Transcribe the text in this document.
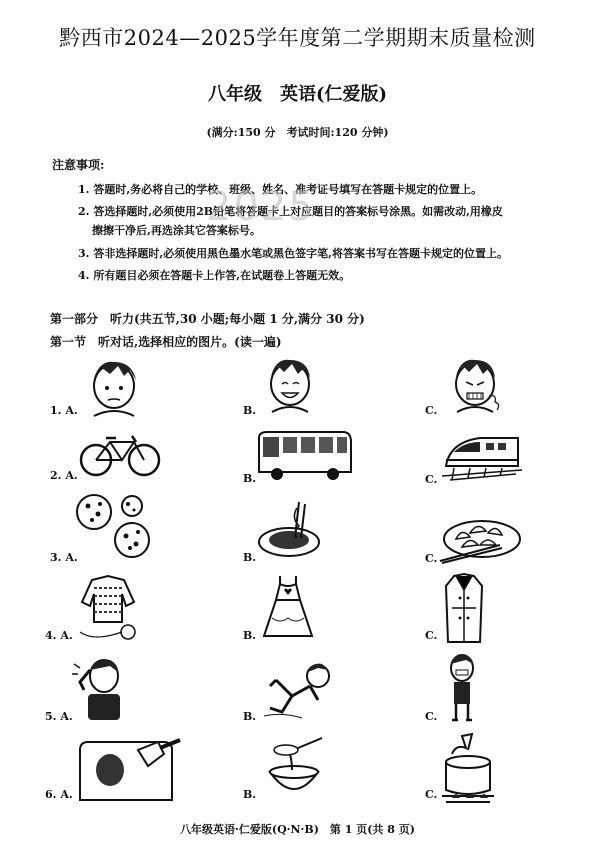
黔西市2024—2025学年度第二学期期末质量检测
八年级　英语(仁爱版)
(满分:150 分　考试时间:120 分钟)
注意事项:
1. 答题时,务必将自己的学校、班级、姓名、准考证号填写在答题卡规定的位置上。
2. 答选择题时,必须使用2B铅笔将答题卡上对应题目的答案标号涂黑。如需改动,用橡皮
擦擦干净后,再选涂其它答案标号。
3. 答非选择题时,必须使用黑色墨水笔或黑色签字笔,将答案书写在答题卡规定的位置上。
4. 所有题目必须在答题卡上作答,在试题卷上答题无效。
2025
第一部分　听力(共五节,30 小题;每小题 1 分,满分 30 分)
第一节　听对话,选择相应的图片。(读一遍)
1. A.	B.	C.
2. A.	B.	C.
3. A.	B.	C.
4. A.	B.	C.
5. A.	B.	C.
6. A.	B.	C.
八年级英语·仁爱版(Q·N·B)　第 1 页(共 8 页)
